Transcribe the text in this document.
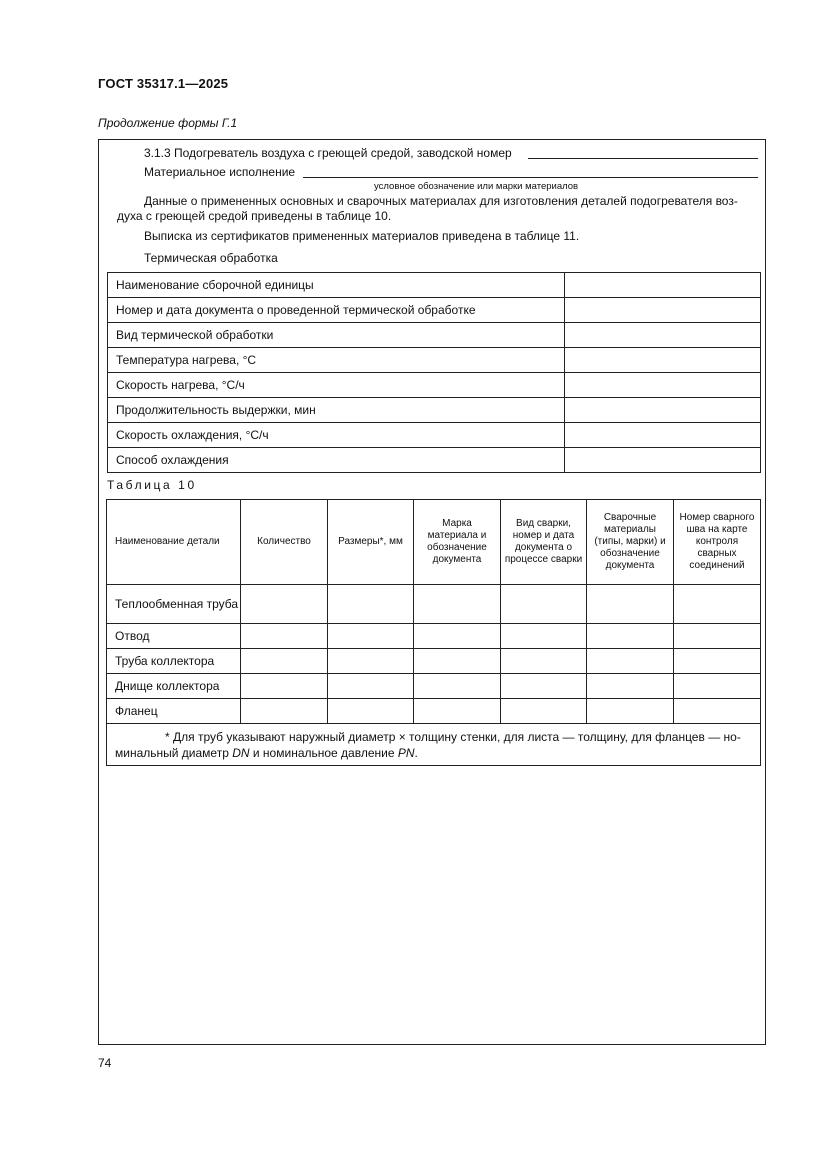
ГОСТ 35317.1—2025
Продолжение формы Г.1
3.1.3 Подогреватель воздуха с греющей средой, заводской номер
Материальное исполнение
условное обозначение или марки материалов
Данные о примененных основных и сварочных материалах для изготовления деталей подогревателя воз-
духа с греющей средой приведены в таблице 10.
Выписка из сертификатов примененных материалов приведена в таблице 11.
Термическая обработка
Наименование сборочной единицы	
Номер и дата документа о проведенной термической обработке	
Вид термической обработки	
Температура нагрева, °С	
Скорость нагрева, °С/ч	
Продолжительность выдержки, мин	
Скорость охлаждения, °С/ч	
Способ охлаждения	
Таблица 10
Наименование детали	Количество	Размеры*, мм	Марка материала и обозначение документа	Вид сварки, номер и дата документа о процессе сварки	Сварочные материалы (типы, марки) и обозначение документа	Номер сварного шва на карте контроля сварных соединений
Теплообменная труба						
Отвод						
Труба коллектора						
Днище коллектора						
Фланец						
* Для труб указывают наружный диаметр × толщину стенки, для листа — толщину, для фланцев — но-минальный диаметр DN и номинальное давление PN.						
74
